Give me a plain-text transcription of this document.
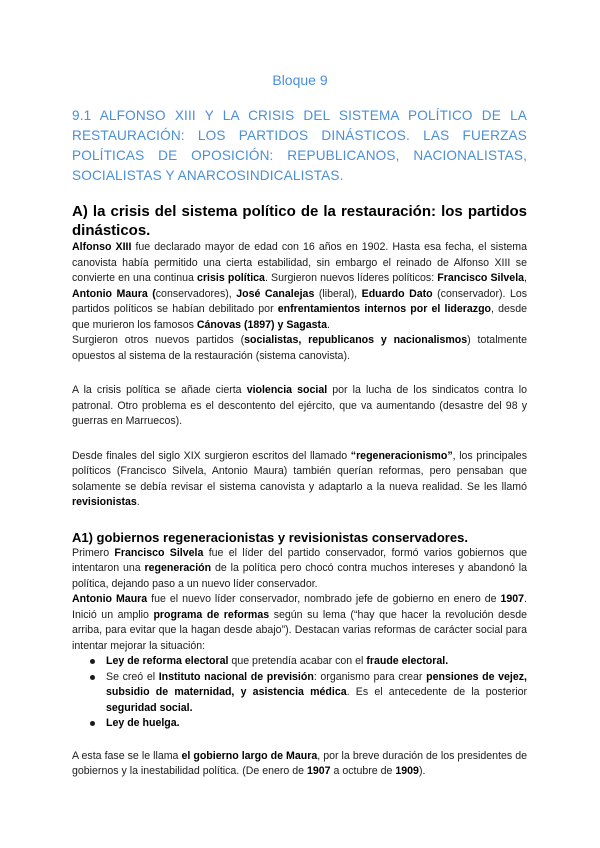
Bloque 9
9.1 ALFONSO XIII Y LA CRISIS DEL SISTEMA POLÍTICO DE LA RESTAURACIÓN: LOS PARTIDOS DINÁSTICOS. LAS FUERZAS POLÍTICAS DE OPOSICIÓN: REPUBLICANOS, NACIONALISTAS, SOCIALISTAS Y ANARCOSINDICALISTAS.
A) la crisis del sistema político de la restauración: los partidos dinásticos.

Alfonso XIII fue declarado mayor de edad con 16 años en 1902. Hasta esa fecha, el sistema canovista había permitido una cierta estabilidad, sin embargo el reinado de Alfonso XIII se convierte en una continua crisis política. Surgieron nuevos líderes políticos: Francisco Silvela, Antonio Maura (conservadores), José Canalejas (liberal), Eduardo Dato (conservador). Los partidos políticos se habían debilitado por enfrentamientos internos por el liderazgo, desde que murieron los famosos Cánovas (1897) y Sagasta.
Surgieron otros nuevos partidos (socialistas, republicanos y nacionalismos) totalmente opuestos al sistema de la restauración (sistema canovista).

A la crisis política se añade cierta violencia social por la lucha de los sindicatos contra lo patronal. Otro problema es el descontento del ejército, que va aumentando (desastre del 98 y guerras en Marruecos).

Desde finales del siglo XIX surgieron escritos del llamado “regeneracionismo”, los principales políticos (Francisco Silvela, Antonio Maura) también querían reformas, pero pensaban que solamente se debía revisar el sistema canovista y adaptarlo a la nueva realidad. Se les llamó revisionistas.

A1) gobiernos regeneracionistas y revisionistas conservadores.

Primero Francisco Silvela fue el líder del partido conservador, formó varios gobiernos que intentaron una regeneración de la política pero chocó contra muchos intereses y abandonó la política, dejando paso a un nuevo líder conservador.

Antonio Maura fue el nuevo líder conservador, nombrado jefe de gobierno en enero de 1907. Inició un amplio programa de reformas según su lema (“hay que hacer la revolución desde arriba, para evitar que la hagan desde abajo”). Destacan varias reformas de carácter social para intentar mejorar la situación:

Ley de reforma electoral que pretendía acabar con el fraude electoral.
Se creó el Instituto nacional de previsión: organismo para crear pensiones de vejez, subsidio de maternidad, y asistencia médica. Es el antecedente de la posterior seguridad social.
Ley de huelga.

A esta fase se le llama el gobierno largo de Maura, por la breve duración de los presidentes de gobiernos y la inestabilidad política. (De enero de 1907 a octubre de 1909).
